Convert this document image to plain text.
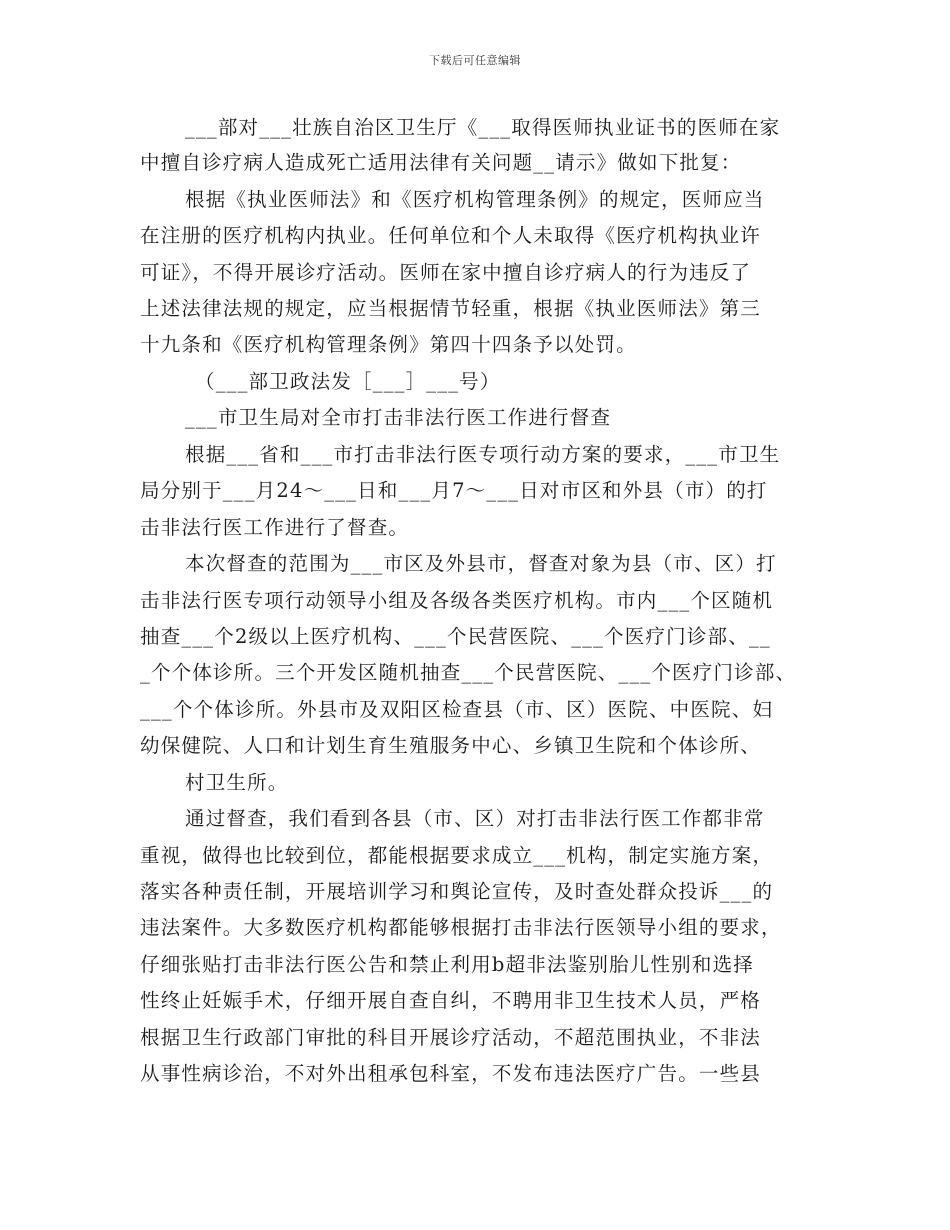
下载后可任意编辑
___部对___壮族自治区卫生厅《___取得医师执业证书的医师在家
中擅自诊疗病人造成死亡适用法律有关问题__请示》做如下批复：
根据《执业医师法》和《医疗机构管理条例》的规定，医师应当
在注册的医疗机构内执业。任何单位和个人未取得《医疗机构执业许
可证》，不得开展诊疗活动。医师在家中擅自诊疗病人的行为违反了
上述法律法规的规定，应当根据情节轻重，根据《执业医师法》第三
十九条和《医疗机构管理条例》第四十四条予以处罚。
（___部卫政法发［___］___号）
___市卫生局对全市打击非法行医工作进行督查
根据___省和___市打击非法行医专项行动方案的要求，___市卫生
局分别于___月24～___日和___月7～___日对市区和外县（市）的打
击非法行医工作进行了督查。
本次督查的范围为___市区及外县市，督查对象为县（市、区）打
击非法行医专项行动领导小组及各级各类医疗机构。市内___个区随机
抽查___个2级以上医疗机构、___个民营医院、___个医疗门诊部、__
_个个体诊所。三个开发区随机抽查___个民营医院、___个医疗门诊部、
___个个体诊所。外县市及双阳区检查县（市、区）医院、中医院、妇
幼保健院、人口和计划生育生殖服务中心、乡镇卫生院和个体诊所、
村卫生所。
通过督查，我们看到各县（市、区）对打击非法行医工作都非常
重视，做得也比较到位，都能根据要求成立___机构，制定实施方案，
落实各种责任制，开展培训学习和舆论宣传，及时查处群众投诉___的
违法案件。大多数医疗机构都能够根据打击非法行医领导小组的要求，
仔细张贴打击非法行医公告和禁止利用b超非法鉴别胎儿性别和选择
性终止妊娠手术，仔细开展自查自纠，不聘用非卫生技术人员，严格
根据卫生行政部门审批的科目开展诊疗活动，不超范围执业，不非法
从事性病诊治，不对外出租承包科室，不发布违法医疗广告。一些县
